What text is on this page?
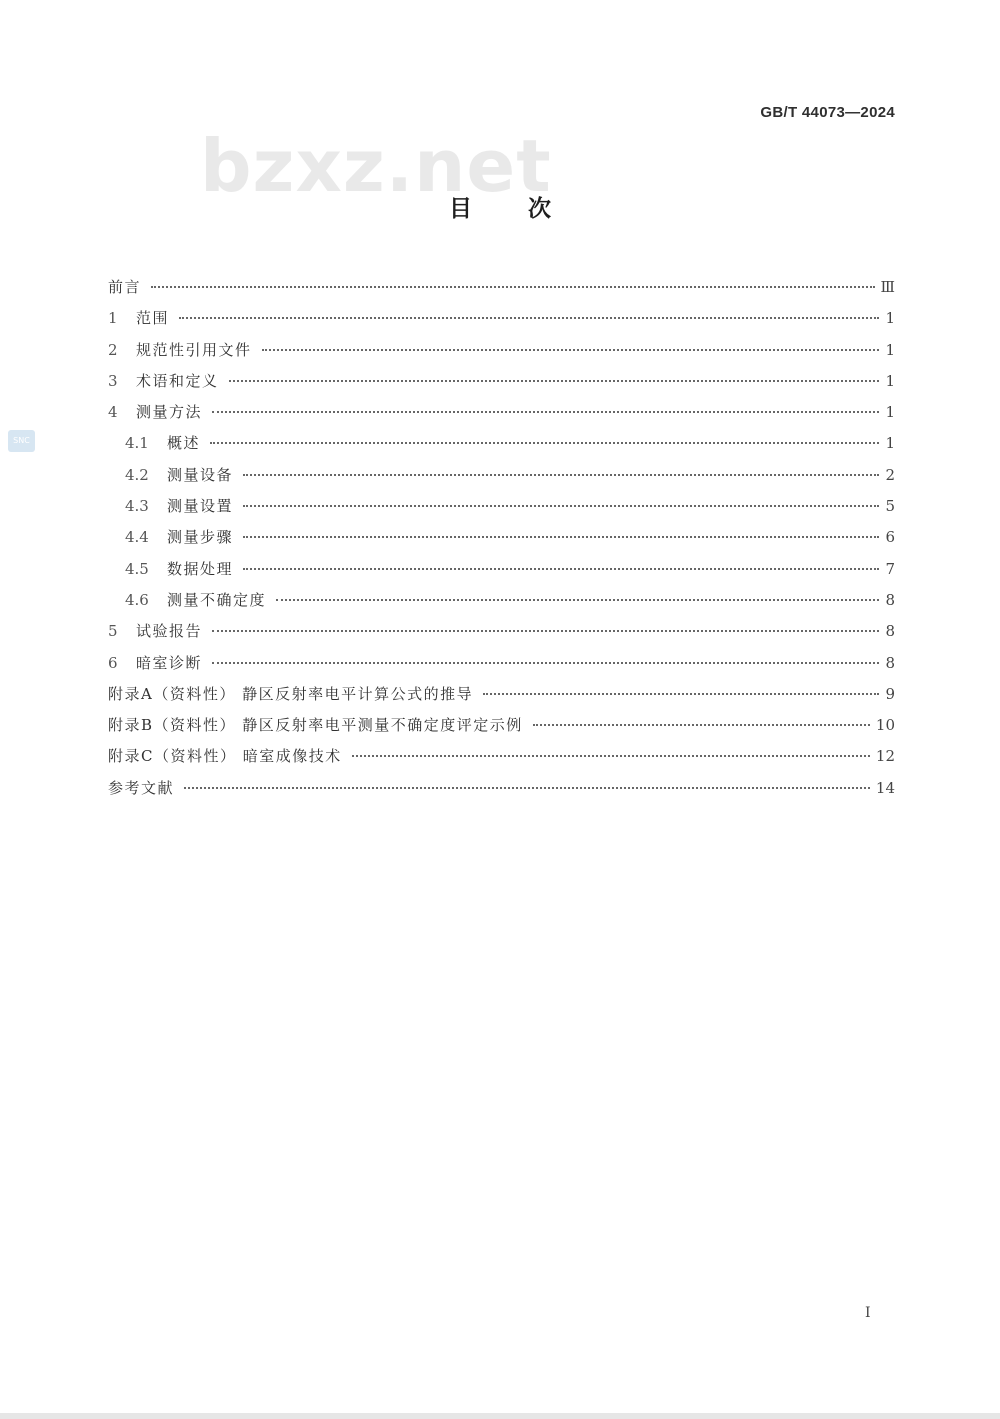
bzxz.net
GB/T 44073—2024
SNC
目次
前言	Ⅲ
1	范围	1
2	规范性引用文件	1
3	术语和定义	1
4	测量方法	1
4.1	概述	1
4.2	测量设备	2
4.3	测量设置	5
4.4	测量步骤	6
4.5	数据处理	7
4.6	测量不确定度	8
5	试验报告	8
6	暗室诊断	8
附录A（资料性） 静区反射率电平计算公式的推导	9
附录B（资料性） 静区反射率电平测量不确定度评定示例	10
附录C（资料性） 暗室成像技术	12
参考文献	14
I
